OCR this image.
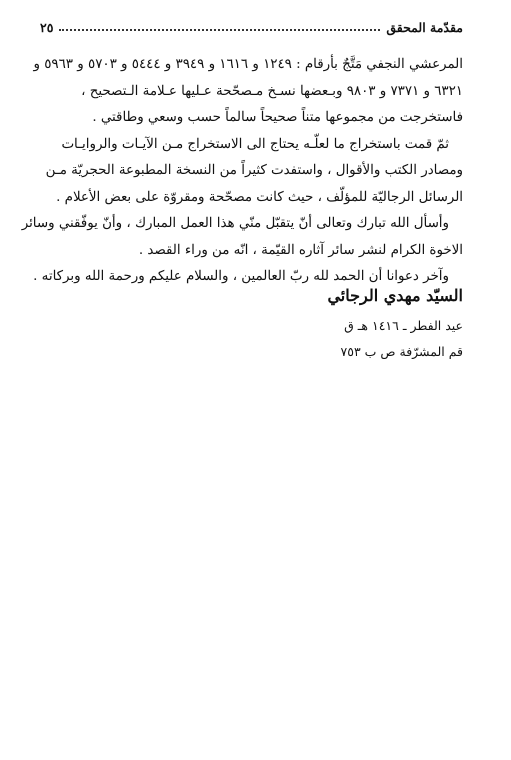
مقدّمة المحقق
٢٥
المرعشي النجفي مَتَّجٌ بأرقام : ١٢٤٩ و ١٦١٦ و ٣٩٤٩ و ٥٤٤٤ و ٥٧٠٣ و ٥٩٦٣ و
٦٣٢١ و ٧٣٧١ و ٩٨٠٣ وبـعضها نسـخ مـصحّحة عـليها عـلامة الـتصحيح ،
فاستخرجت من مجموعها متناً صحيحاً سالماً حسب وسعي وطاقتي .
ثمّ قمت باستخراج ما لعلّـه يحتاج الى الاستخراج مـن الآيـات والروايـات
ومصادر الكتب والأقوال ، واستفدت كثيراً من النسخة المطبوعة الحجريّة مـن
الرسائل الرجاليّة للمؤلّف ، حيث كانت مصحّحة ومقروّة على بعض الأعلام .
وأسأل الله تبارك وتعالى أنّ يتقبّل منّي هذا العمل المبارك ، وأنّ يوفّقني وسائر
الاخوة الكرام لنشر سائر آثاره القيّمة ، انّه من وراء القصد .
وآخر دعوانا أن الحمد لله ربّ العالمين ، والسلام عليكم ورحمة الله وبركاته .
السيّد مهدي الرجائي
عيد الفطر ـ ١٤١٦ هـ ق
قم المشرّفة ص ب ٧٥٣
